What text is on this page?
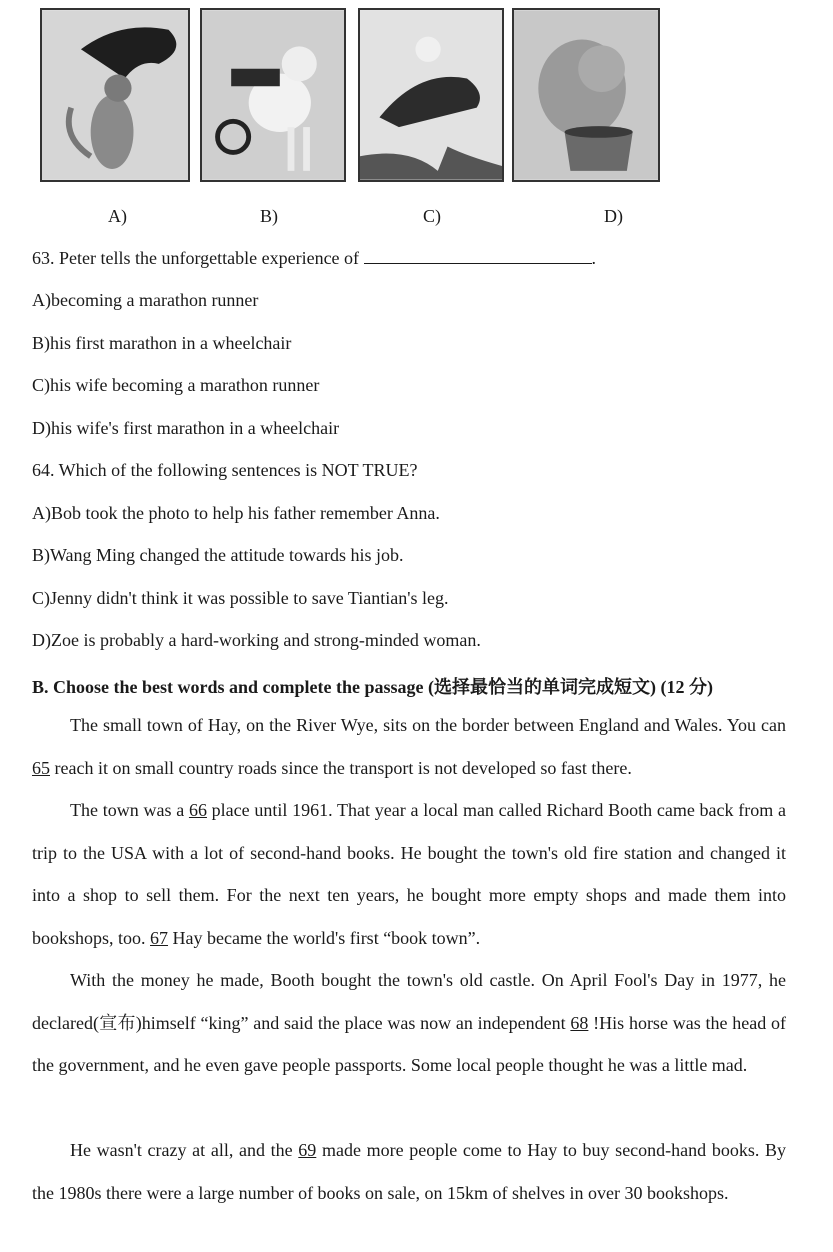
A)	B)	C)	D)
63. Peter tells the unforgettable experience of	.
A)becoming a marathon runner
B)his first marathon in a wheelchair
C)his wife becoming a marathon runner
D)his wife's first marathon in a wheelchair
64. Which of the following sentences is NOT TRUE?
A)Bob took the photo to help his father remember Anna.
B)Wang Ming changed the attitude towards his job.
C)Jenny didn't think it was possible to save Tiantian's leg.
D)Zoe is probably a hard-working and strong-minded woman.
B. Choose the best words and complete the passage (选择最恰当的单词完成短文) (12 分)
The small town of Hay, on the River Wye, sits on the border between England and Wales. You can 65 reach it on small country roads since the transport is not developed so fast there.
The town was a 66 place until 1961. That year a local man called Richard Booth came back from a trip to the USA with a lot of second-hand books. He bought the town's old fire station and changed it into a shop to sell them. For the next ten years, he bought more empty shops and made them into bookshops, too. 67 Hay became the world's first “book town”.
With the money he made, Booth bought the town's old castle. On April Fool's Day in 1977, he declared(宣布)himself “king” and said the place was now an independent 68 !His horse was the head of the government, and he even gave people passports. Some local people thought he was a little mad.
He wasn't crazy at all, and the 69 made more people come to Hay to buy second-hand books. By the 1980s there were a large number of books on sale, on 15km of shelves in over 30 bookshops.
